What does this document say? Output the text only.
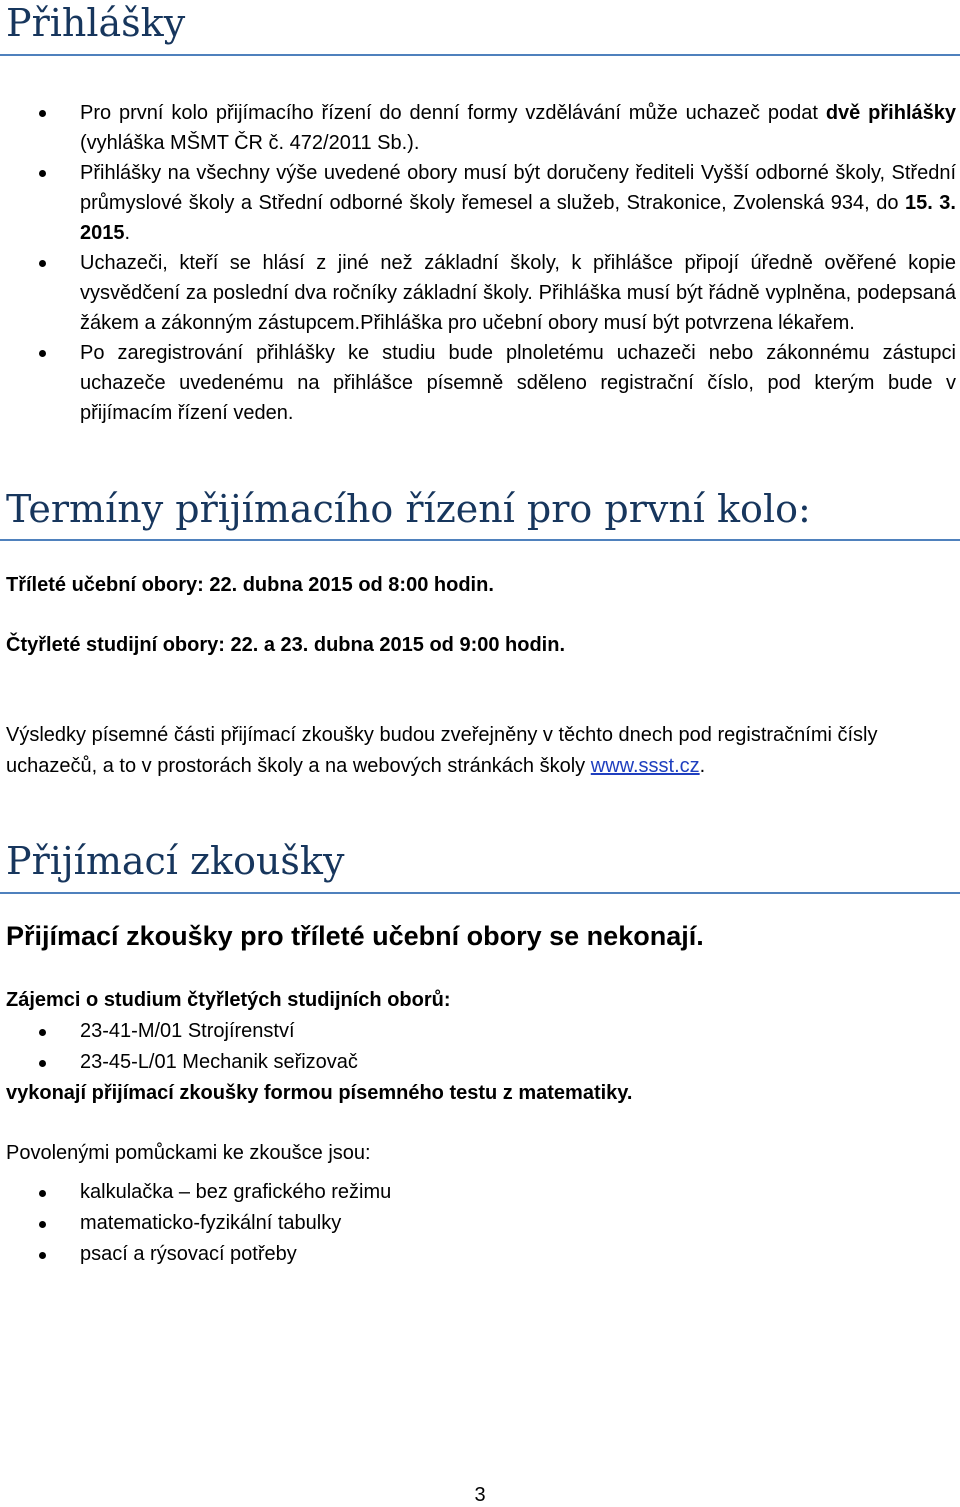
Přihlášky
Pro první kolo přijímacího řízení do denní formy vzdělávání může uchazeč podat dvě přihlášky (vyhláška MŠMT ČR č. 472/2011 Sb.).
Přihlášky na všechny výše uvedené obory musí být doručeny řediteli Vyšší odborné školy, Střední průmyslové školy a Střední odborné školy řemesel a služeb, Strakonice, Zvolenská 934, do 15. 3. 2015.
Uchazeči, kteří se hlásí z jiné než základní školy, k přihlášce připojí úředně ověřené kopie vysvědčení za poslední dva ročníky základní školy. Přihláška musí být řádně vyplněna, podepsaná žákem a zákonným zástupcem.Přihláška pro učební obory musí být potvrzena lékařem.
Po zaregistrování přihlášky ke studiu bude plnoletému uchazeči nebo zákonnému zástupci uchazeče uvedenému na přihlášce písemně sděleno registrační číslo, pod kterým bude v přijímacím řízení veden.
Termíny přijímacího řízení pro první kolo:

Tříleté učební obory: 22. dubna 2015 od 8:00 hodin.

Čtyřleté studijní obory: 22. a 23. dubna 2015 od 9:00 hodin.

Výsledky písemné části přijímací zkoušky budou zveřejněny v těchto dnech pod registračními čísly uchazečů, a to v prostorách školy a na webových stránkách školy www.ssst.cz.

Přijímací zkoušky

Přijímací zkoušky pro tříleté učební obory se nekonají.

Zájemci o studium čtyřletých studijních oborů:

23-41-M/01 Strojírenství
23-45-L/01 Mechanik seřizovač

vykonají přijímací zkoušky formou písemného testu z matematiky.

Povolenými pomůckami ke zkoušce jsou:

kalkulačka – bez grafického režimu
matematicko-fyzikální tabulky
psací a rýsovací potřeby
3
